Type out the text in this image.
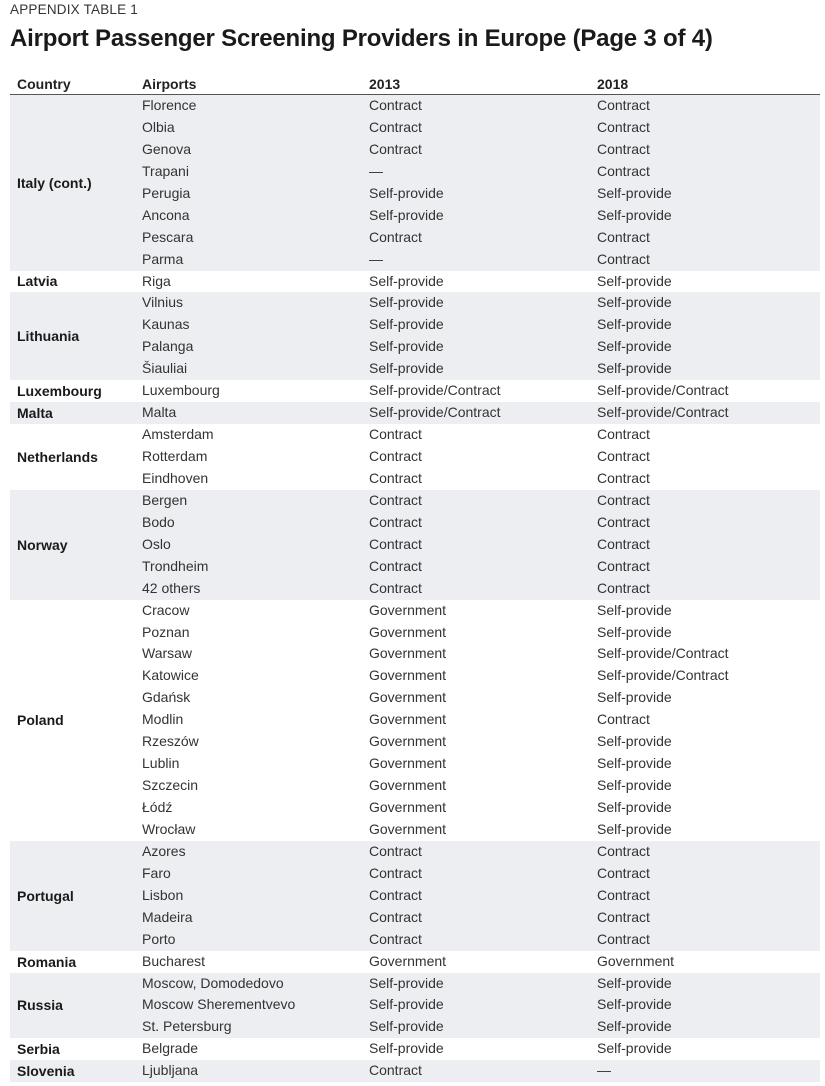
APPENDIX TABLE 1
Airport Passenger Screening Providers in Europe (Page 3 of 4)
Country	Airports	2013	2018
Italy (cont.)
Florence	Contract	Contract
Olbia	Contract	Contract
Genova	Contract	Contract
Trapani	—	Contract
Perugia	Self-provide	Self-provide
Ancona	Self-provide	Self-provide
Pescara	Contract	Contract
Parma	—	Contract
Latvia	Riga	Self-provide	Self-provide
Lithuania
Vilnius	Self-provide	Self-provide
Kaunas	Self-provide	Self-provide
Palanga	Self-provide	Self-provide
Šiauliai	Self-provide	Self-provide
Luxembourg	Luxembourg	Self-provide/Contract	Self-provide/Contract
Malta	Malta	Self-provide/Contract	Self-provide/Contract
Netherlands
Amsterdam	Contract	Contract
Rotterdam	Contract	Contract
Eindhoven	Contract	Contract
Norway
Bergen	Contract	Contract
Bodo	Contract	Contract
Oslo	Contract	Contract
Trondheim	Contract	Contract
42 others	Contract	Contract
Poland
Cracow	Government	Self-provide
Poznan	Government	Self-provide
Warsaw	Government	Self-provide/Contract
Katowice	Government	Self-provide/Contract
Gdańsk	Government	Self-provide
Modlin	Government	Contract
Rzeszów	Government	Self-provide
Lublin	Government	Self-provide
Szczecin	Government	Self-provide
Łódź	Government	Self-provide
Wrocław	Government	Self-provide
Portugal
Azores	Contract	Contract
Faro	Contract	Contract
Lisbon	Contract	Contract
Madeira	Contract	Contract
Porto	Contract	Contract
Romania	Bucharest	Government	Government
Russia
Moscow, Domodedovo	Self-provide	Self-provide
Moscow Sherementvevo	Self-provide	Self-provide
St. Petersburg	Self-provide	Self-provide
Serbia	Belgrade	Self-provide	Self-provide
Slovenia	Ljubljana	Contract	—
